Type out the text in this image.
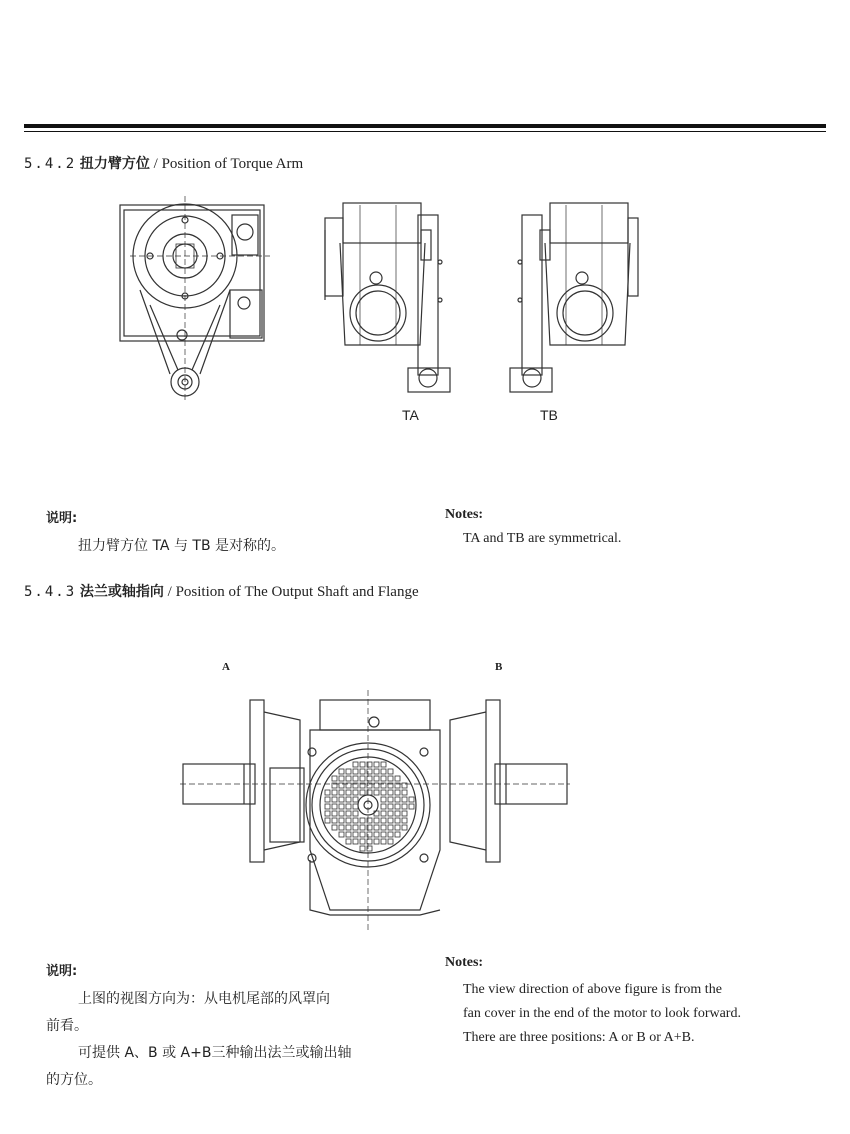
5.4.2 扭力臂方位 / Position of Torque Arm
TA	TB
说明:
扭力臂方位 TA 与 TB 是对称的。
Notes:
TA and TB are symmetrical.
5.4.3 法兰或轴指向 / Position of The Output Shaft and Flange
A	B
说明:
上图的视图方向为：从电机尾部的风罩向
前看。
可提供 A、B 或 A+B三种输出法兰或输出轴
的方位。
Notes:
The view direction of above figure is from the
fan cover in the end of the motor to look forward.
There are three positions: A or B or A+B.
